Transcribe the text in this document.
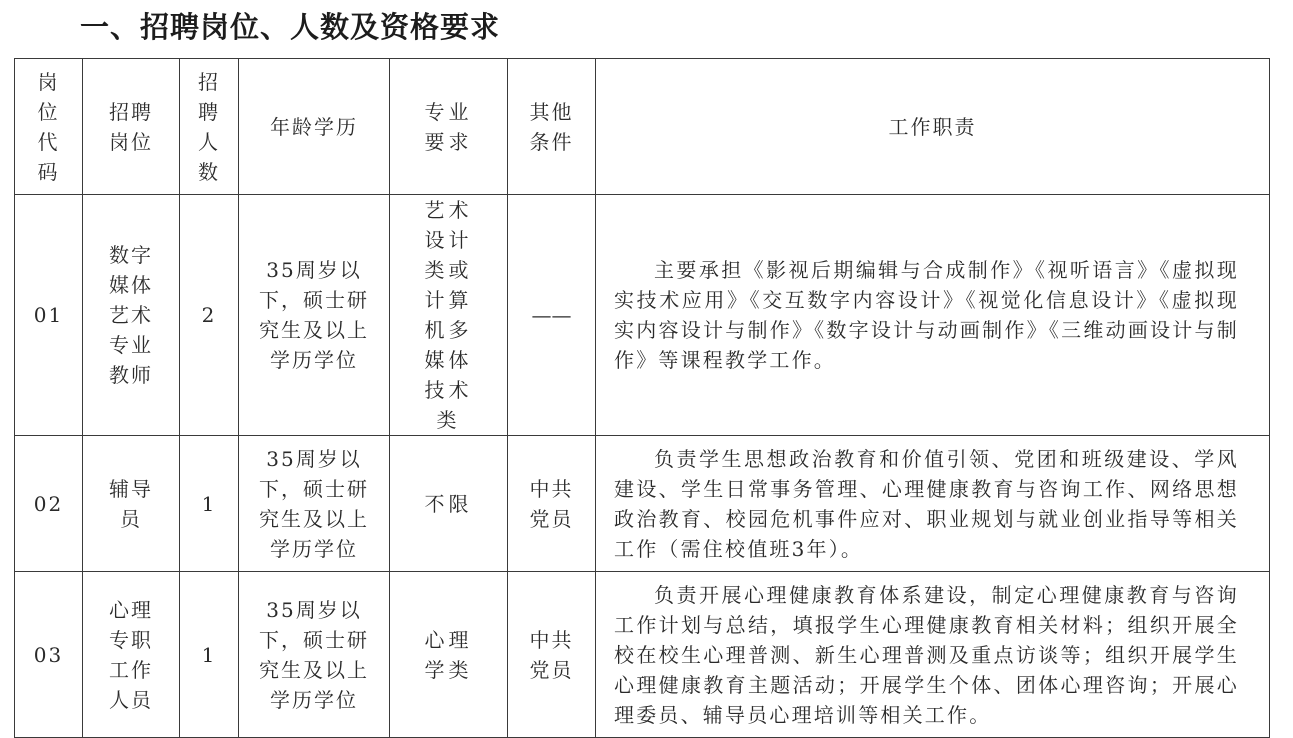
一、招聘岗位、人数及资格要求
岗位代码	招聘岗位	招聘人数	年龄学历	专业要求	其他条件	工作职责

01	数字媒体艺术专业教师	2	35周岁以下，硕士研究生及以上学历学位	艺术设计类或计算机多媒体技术类	——	主要承担《影视后期编辑与合成制作》《视听语言》《虚拟现实技术应用》《交互数字内容设计》《视觉化信息设计》《虚拟现实内容设计与制作》《数字设计与动画制作》《三维动画设计与制作》等课程教学工作。

02	辅导员	1	35周岁以下，硕士研究生及以上学历学位	不限	中共党员	负责学生思想政治教育和价值引领、党团和班级建设、学风建设、学生日常事务管理、心理健康教育与咨询工作、网络思想政治教育、校园危机事件应对、职业规划与就业创业指导等相关工作（需住校值班3年）。

03	心理专职工作人员	1	35周岁以下，硕士研究生及以上学历学位	心理学类	中共党员	负责开展心理健康教育体系建设，制定心理健康教育与咨询工作计划与总结，填报学生心理健康教育相关材料；组织开展全校在校生心理普测、新生心理普测及重点访谈等；组织开展学生心理健康教育主题活动；开展学生个体、团体心理咨询；开展心理委员、辅导员心理培训等相关工作。
